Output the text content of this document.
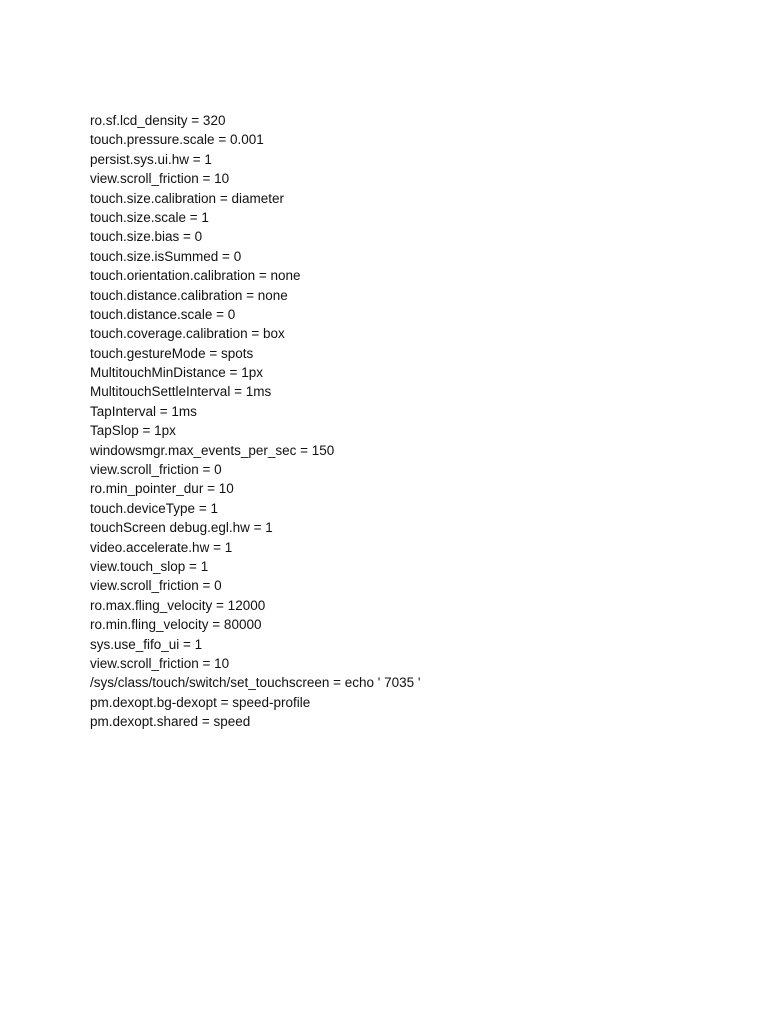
ro.sf.lcd_density = 320
touch.pressure.scale = 0.001
persist.sys.ui.hw = 1
view.scroll_friction = 10
touch.size.calibration = diameter
touch.size.scale = 1
touch.size.bias = 0
touch.size.isSummed = 0
touch.orientation.calibration = none
touch.distance.calibration = none
touch.distance.scale = 0
touch.coverage.calibration = box
touch.gestureMode = spots
MultitouchMinDistance = 1px
MultitouchSettleInterval = 1ms
TapInterval = 1ms
TapSlop = 1px
windowsmgr.max_events_per_sec = 150
view.scroll_friction = 0
ro.min_pointer_dur = 10
touch.deviceType = 1
touchScreen debug.egl.hw = 1
video.accelerate.hw = 1
view.touch_slop = 1
view.scroll_friction = 0
ro.max.fling_velocity = 12000
ro.min.fling_velocity = 80000
sys.use_fifo_ui = 1
view.scroll_friction = 10
/sys/class/touch/switch/set_touchscreen = echo ' 7035 '
pm.dexopt.bg-dexopt = speed-profile
pm.dexopt.shared = speed
